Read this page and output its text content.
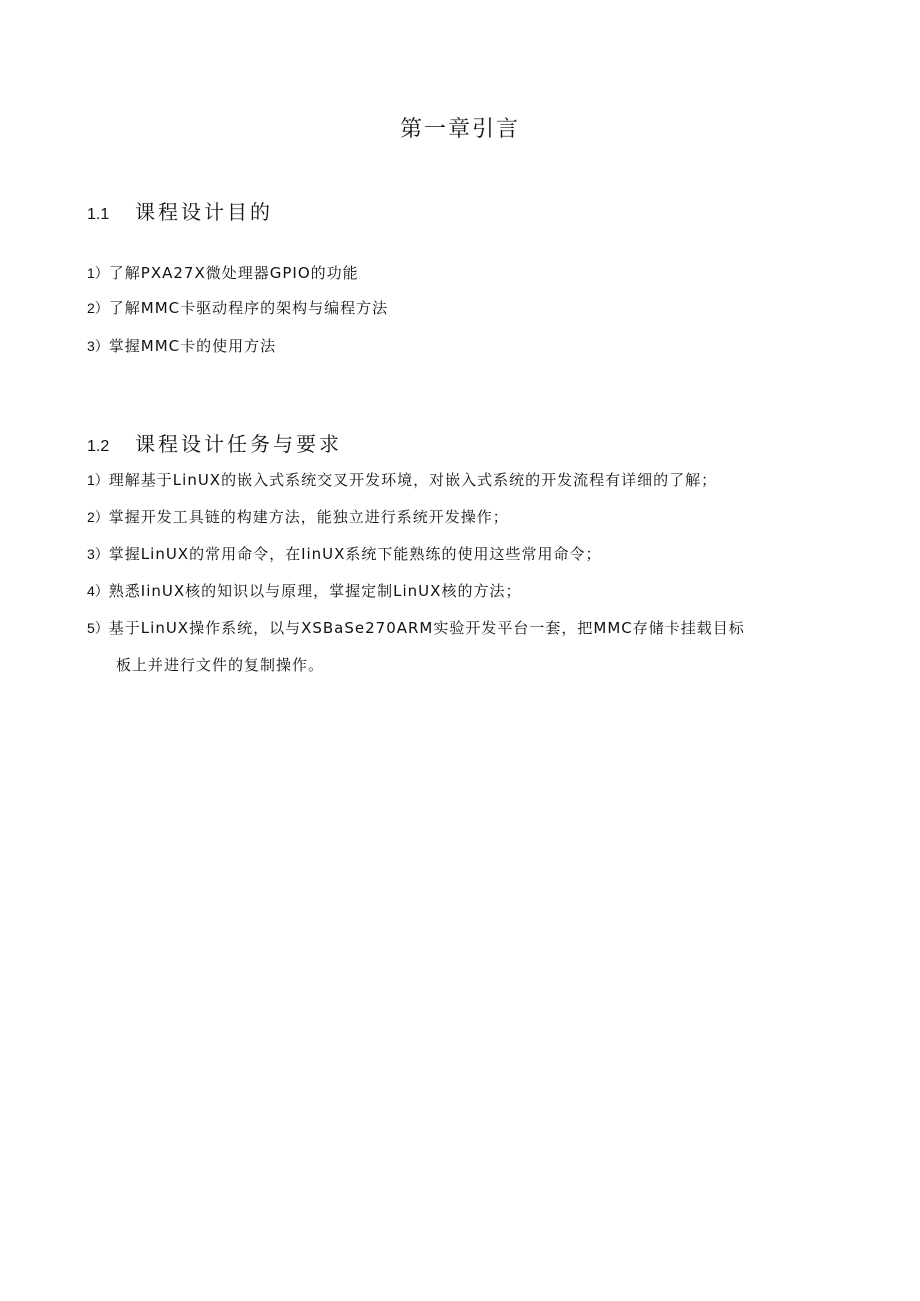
第一章引言
1.1 课程设计目的
1）了解PXA27X微处理器GPIO的功能
2）了解MMC卡驱动程序的架构与编程方法
3）掌握MMC卡的使用方法
1.2 课程设计任务与要求
1）理解基于LinUX的嵌入式系统交叉开发环境，对嵌入式系统的开发流程有详细的了解；
2）掌握开发工具链的构建方法，能独立进行系统开发操作；
3）掌握LinUX的常用命令，在IinUX系统下能熟练的使用这些常用命令；
4）熟悉IinUX核的知识以与原理，掌握定制LinUX核的方法；
5）基于LinUX操作系统，以与XSBaSe270ARM实验开发平台一套，把MMC存储卡挂载目标
板上并进行文件的复制操作。
